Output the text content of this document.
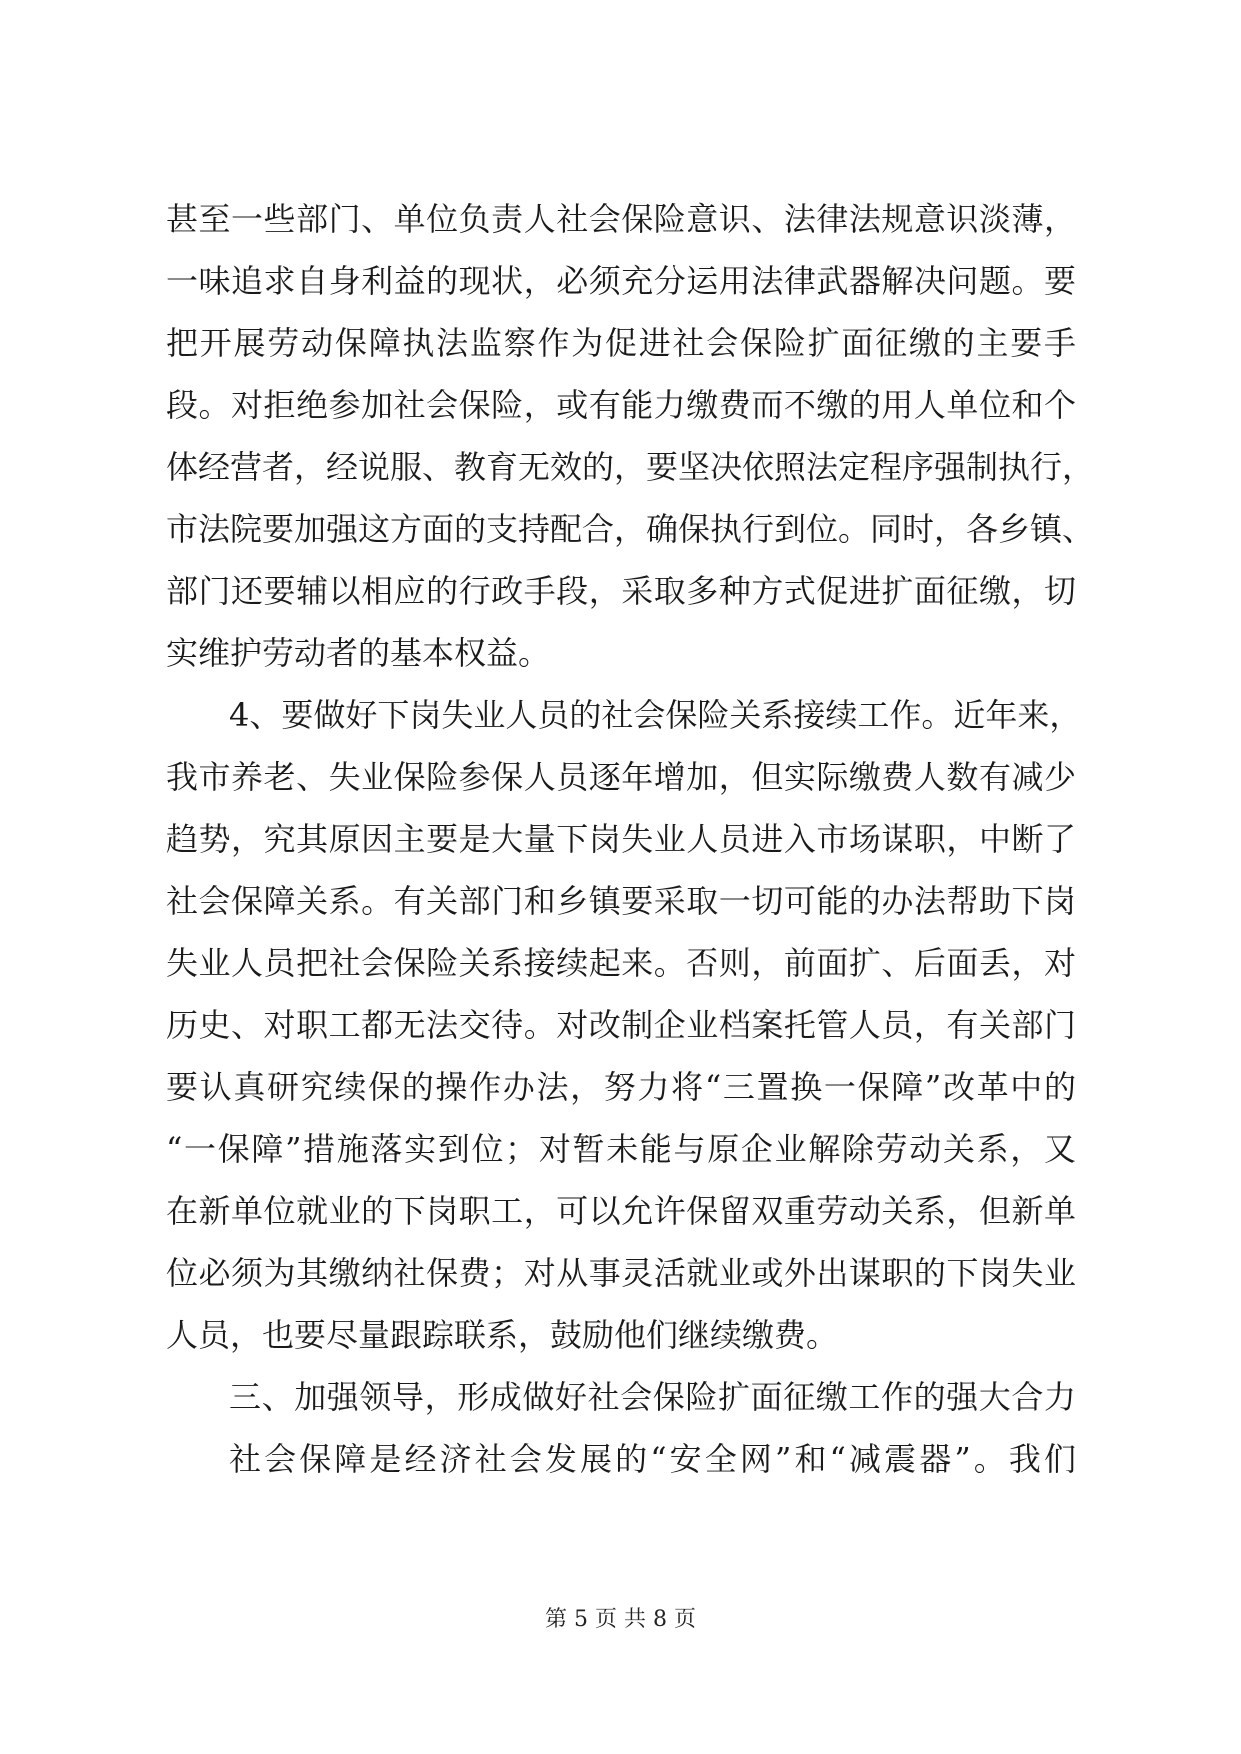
甚至一些部门、单位负责人社会保险意识、法律法规意识淡薄，
一味追求自身利益的现状，必须充分运用法律武器解决问题。要
把开展劳动保障执法监察作为促进社会保险扩面征缴的主要手
段。对拒绝参加社会保险，或有能力缴费而不缴的用人单位和个
体经营者，经说服、教育无效的，要坚决依照法定程序强制执行，
市法院要加强这方面的支持配合，确保执行到位。同时，各乡镇、
部门还要辅以相应的行政手段，采取多种方式促进扩面征缴，切
实维护劳动者的基本权益。
4、要做好下岗失业人员的社会保险关系接续工作。近年来，
我市养老、失业保险参保人员逐年增加，但实际缴费人数有减少
趋势，究其原因主要是大量下岗失业人员进入市场谋职，中断了
社会保障关系。有关部门和乡镇要采取一切可能的办法帮助下岗
失业人员把社会保险关系接续起来。否则，前面扩、后面丢，对
历史、对职工都无法交待。对改制企业档案托管人员，有关部门
要认真研究续保的操作办法，努力将“三置换一保障”改革中的
“一保障”措施落实到位；对暂未能与原企业解除劳动关系，又
在新单位就业的下岗职工，可以允许保留双重劳动关系，但新单
位必须为其缴纳社保费；对从事灵活就业或外出谋职的下岗失业
人员，也要尽量跟踪联系，鼓励他们继续缴费。
三、加强领导，形成做好社会保险扩面征缴工作的强大合力
社会保障是经济社会发展的“安全网”和“减震器”。我们
第 5 页 共 8 页
